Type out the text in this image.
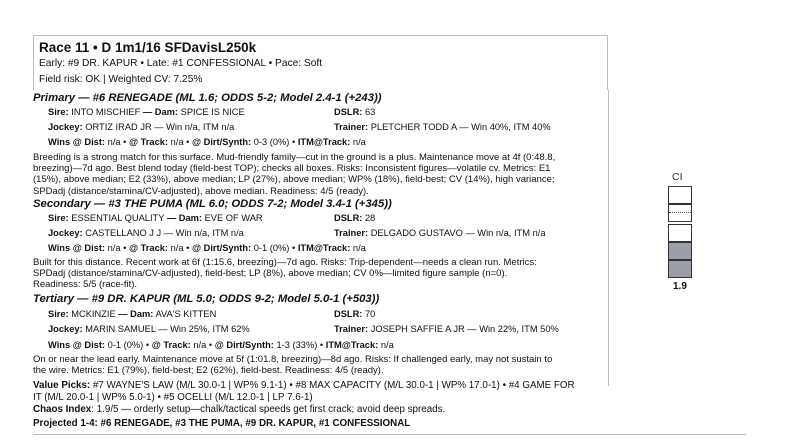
Race 11 • D 1m1/16 SFDavisL250k
Early: #9 DR. KAPUR • Late: #1 CONFESSIONAL • Pace: Soft
Field risk: OK | Weighted CV: 7.25%
Primary — #6 RENEGADE (ML 1.6; ODDS 5-2; Model 2.4-1 (+243))
Sire: INTO MISCHIEF — Dam: SPICE IS NICE	DSLR: 63
Jockey: ORTIZ IRAD JR — Win n/a, ITM n/a	Trainer: PLETCHER TODD A — Win 40%, ITM 40%
Wins @ Dist: n/a • @ Track: n/a • @ Dirt/Synth: 0-3 (0%) • ITM@Track: n/a
Breeding is a strong match for this surface. Mud-friendly family—cut in the ground is a plus. Maintenance move at 4f (0:48.8,
breezing)—7d ago. Best blend today (field-best TOP); checks all boxes. Risks: Inconsistent figures—volatile cv. Metrics: E1
(15%), above median; E2 (33%), above median; LP (27%), above median; WP% (18%), field-best; CV (14%), high variance;
SPDadj (distance/stamina/CV-adjusted), above median. Readiness: 4/5 (ready).
Secondary — #3 THE PUMA (ML 6.0; ODDS 7-2; Model 3.4-1 (+345))
Sire: ESSENTIAL QUALITY — Dam: EVE OF WAR	DSLR: 28
Jockey: CASTELLANO J J — Win n/a, ITM n/a	Trainer: DELGADO GUSTAVO — Win n/a, ITM n/a
Wins @ Dist: n/a • @ Track: n/a • @ Dirt/Synth: 0-1 (0%) • ITM@Track: n/a
Built for this distance. Recent work at 6f (1:15.6, breezing)—7d ago. Risks: Trip-dependent—needs a clean run. Metrics:
SPDadj (distance/stamina/CV-adjusted), field-best; LP (8%), above median; CV 0%—limited figure sample (n=0).
Readiness: 5/5 (race-fit).
Tertiary — #9 DR. KAPUR (ML 5.0; ODDS 9-2; Model 5.0-1 (+503))
Sire: MCKINZIE — Dam: AVA'S KITTEN	DSLR: 70
Jockey: MARIN SAMUEL — Win 25%, ITM 62%	Trainer: JOSEPH SAFFIE A JR — Win 22%, ITM 50%
Wins @ Dist: 0-1 (0%) • @ Track: n/a • @ Dirt/Synth: 1-3 (33%) • ITM@Track: n/a
On or near the lead early. Maintenance move at 5f (1:01.8, breezing)—8d ago. Risks: If challenged early, may not sustain to
the wire. Metrics: E1 (79%), field-best; E2 (62%), field-best. Readiness: 4/5 (ready).
Value Picks: #7 WAYNE'S LAW (M/L 30.0-1 | WP% 9.1-1) • #8 MAX CAPACITY (M/L 30.0-1 | WP% 17.0-1) • #4 GAME FOR
IT (M/L 20.0-1 | WP% 5.0-1) • #5 OCELLI (M/L 12.0-1 | LP 7.6-1)
Chaos Index: 1.9/5 — orderly setup—chalk/tactical speeds get first crack; avoid deep spreads.
Projected 1-4: #6 RENEGADE, #3 THE PUMA, #9 DR. KAPUR, #1 CONFESSIONAL
CI
1.9
